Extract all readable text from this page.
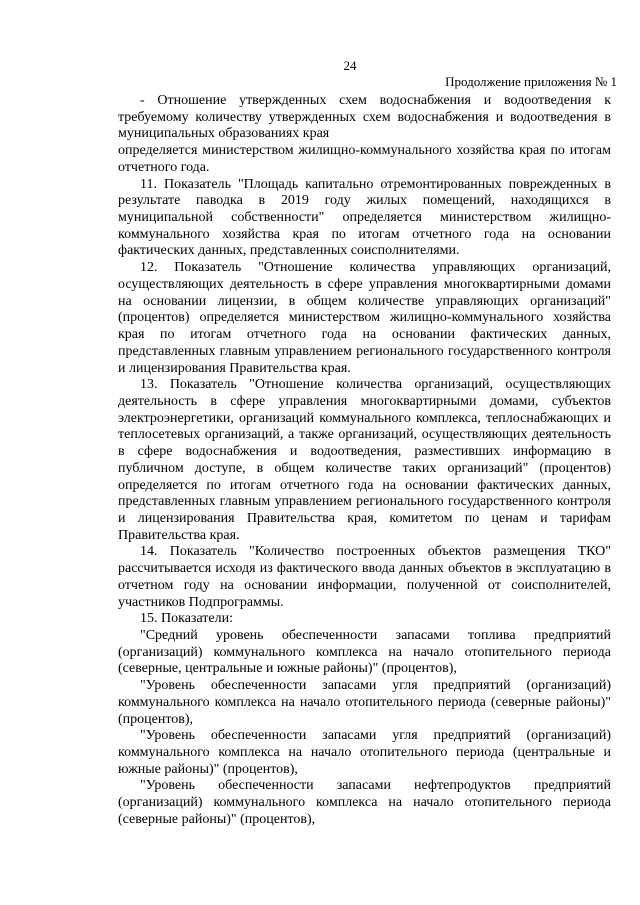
24
Продолжение приложения № 1

- Отношение утвержденных схем водоснабжения и водоотведения к требуемому количеству утвержденных схем водоснабжения и водоотведения в муниципальных образованиях края

определяется министерством жилищно-коммунального хозяйства края по итогам отчетного года.

11. Показатель "Площадь капитально отремонтированных поврежденных в результате паводка в 2019 году жилых помещений, находящихся в муниципальной собственности" определяется министерством жилищно-коммунального хозяйства края по итогам отчетного года на основании фактических данных, представленных соисполнителями.

12. Показатель "Отношение количества управляющих организаций, осуществляющих деятельность в сфере управления многоквартирными домами на основании лицензии, в общем количестве управляющих организаций" (процентов) определяется министерством жилищно-коммунального хозяйства края по итогам отчетного года на основании фактических данных, представленных главным управлением регионального государственного контроля и лицензирования Правительства края.

13. Показатель "Отношение количества организаций, осуществляющих деятельность в сфере управления многоквартирными домами, субъектов электроэнергетики, организаций коммунального комплекса, теплоснабжающих и теплосетевых организаций, а также организаций, осуществляющих деятельность в сфере водоснабжения и водоотведения, разместивших информацию в публичном доступе, в общем количестве таких организаций" (процентов) определяется по итогам отчетного года на основании фактических данных, представленных главным управлением регионального государственного контроля и лицензирования Правительства края, комитетом по ценам и тарифам Правительства края.

14. Показатель "Количество построенных объектов размещения ТКО" рассчитывается исходя из фактического ввода данных объектов в эксплуатацию в отчетном году на основании информации, полученной от соисполнителей, участников Подпрограммы.

15. Показатели:

"Средний уровень обеспеченности запасами топлива предприятий (организаций) коммунального комплекса на начало отопительного периода (северные, центральные и южные районы)" (процентов),

"Уровень обеспеченности запасами угля предприятий (организаций) коммунального комплекса на начало отопительного периода (северные районы)" (процентов),

"Уровень обеспеченности запасами угля предприятий (организаций) коммунального комплекса на начало отопительного периода (центральные и южные районы)" (процентов),

"Уровень обеспеченности запасами нефтепродуктов предприятий (организаций) коммунального комплекса на начало отопительного периода (северные районы)" (процентов),
